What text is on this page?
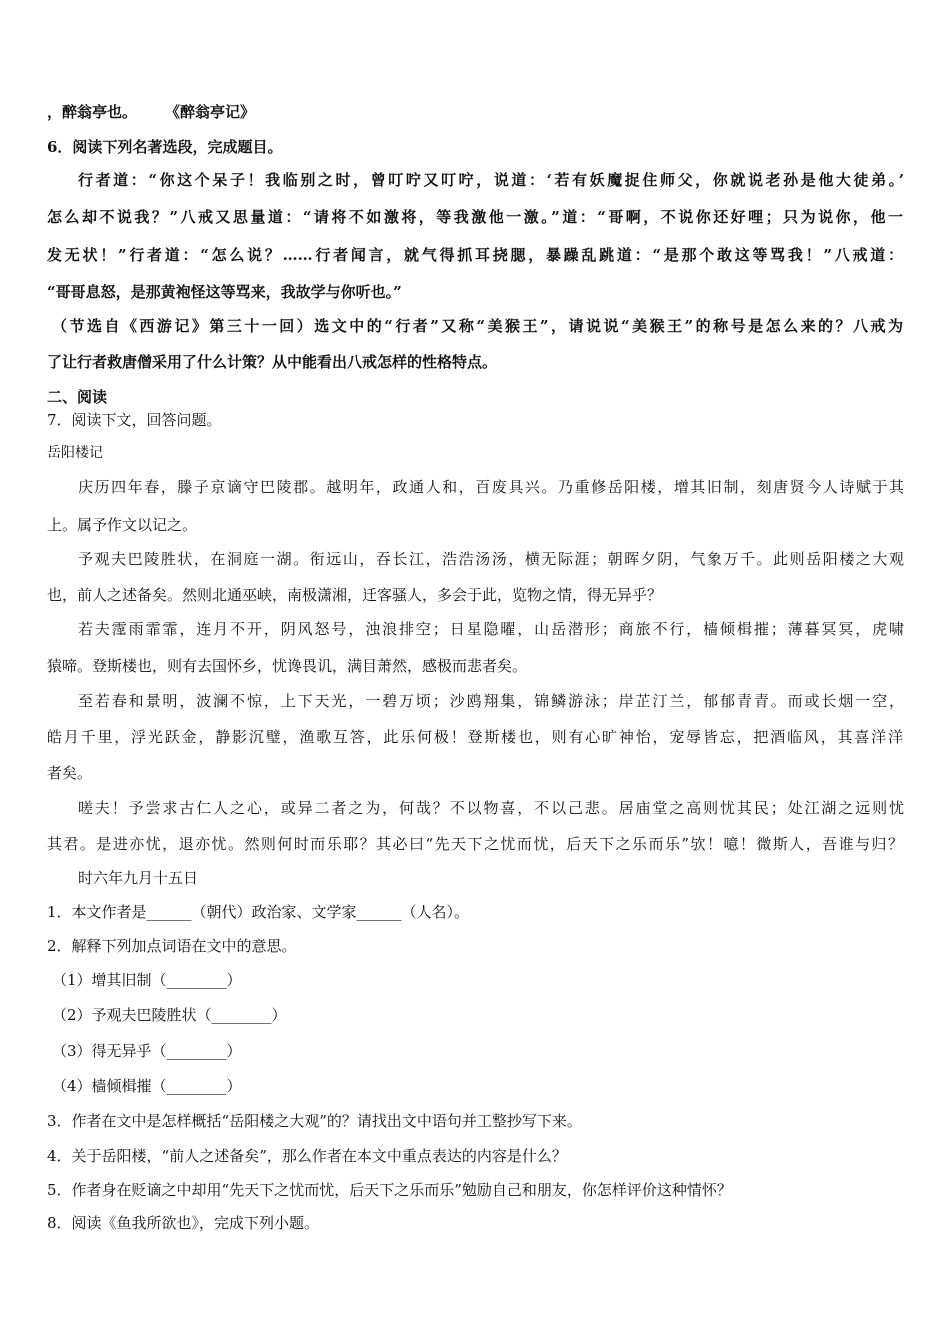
，醉翁亭也。 《醉翁亭记》
6．阅读下列名著选段，完成题目。
行者道：“你这个呆子！我临别之时，曾叮咛又叮咛，说道：‘若有妖魔捉住师父，你就说老孙是他大徒弟。’
怎么却不说我？”八戒又思量道：“请将不如激将，等我激他一激。”道：“哥啊，不说你还好哩；只为说你，他一
发无状！”行者道：“怎么说？……行者闻言，就气得抓耳挠腮，暴躁乱跳道：“是那个敢这等骂我！”八戒道：
“哥哥息怒，是那黄袍怪这等骂来，我故学与你听也。”
（节选自《西游记》第三十一回）选文中的“行者”又称“美猴王”，请说说“美猴王”的称号是怎么来的？八戒为
了让行者救唐僧采用了什么计策？从中能看出八戒怎样的性格特点。
二、阅读
7．阅读下文，回答问题。
岳阳楼记
庆历四年春，滕子京谪守巴陵郡。越明年，政通人和，百废具兴。乃重修岳阳楼，增其旧制，刻唐贤今人诗赋于其
上。属予作文以记之。
予观夫巴陵胜状，在洞庭一湖。衔远山，吞长江，浩浩汤汤，横无际涯；朝晖夕阴，气象万千。此则岳阳楼之大观
也，前人之述备矣。然则北通巫峡，南极潇湘，迁客骚人，多会于此，览物之情，得无异乎？
若夫霪雨霏霏，连月不开，阴风怒号，浊浪排空；日星隐曜，山岳潜形；商旅不行，樯倾楫摧；薄暮冥冥，虎啸
猿啼。登斯楼也，则有去国怀乡，忧谗畏讥，满目萧然，感极而悲者矣。
至若春和景明，波澜不惊，上下天光，一碧万顷；沙鸥翔集，锦鳞游泳；岸芷汀兰，郁郁青青。而或长烟一空，
皓月千里，浮光跃金，静影沉璧，渔歌互答，此乐何极！登斯楼也，则有心旷神怡，宠辱皆忘，把酒临风，其喜洋洋
者矣。
嗟夫！予尝求古仁人之心，或异二者之为，何哉？不以物喜，不以己悲。居庙堂之高则忧其民；处江湖之远则忧
其君。是进亦忧，退亦忧。然则何时而乐耶？其必曰“先天下之忧而忧，后天下之乐而乐”欤！噫！微斯人，吾谁与归？
时六年九月十五日
1．本文作者是______（朝代）政治家、文学家______（人名）。
2．解释下列加点词语在文中的意思。
（1）增其旧制（________）
（2）予观夫巴陵胜状（________）
（3）得无异乎（________）
（4）樯倾楫摧（________）
3．作者在文中是怎样概括“岳阳楼之大观”的？请找出文中语句并工整抄写下来。
4．关于岳阳楼，“前人之述备矣”，那么作者在本文中重点表达的内容是什么？
5．作者身在贬谪之中却用“先天下之忧而忧，后天下之乐而乐”勉励自己和朋友，你怎样评价这种情怀？
8．阅读《鱼我所欲也》，完成下列小题。
